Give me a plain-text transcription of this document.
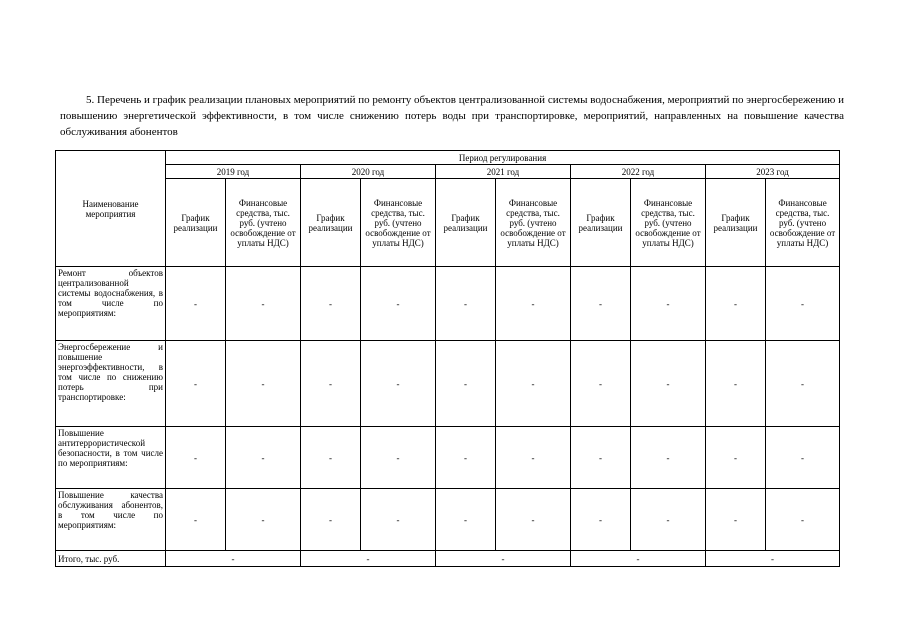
5. Перечень и график реализации плановых мероприятий по ремонту объектов централизованной системы водоснабжения, мероприятий по энергосбережению и повышению энергетической эффективности, в том числе снижению потерь воды при транспортировке, мероприятий, направленных на повышение качества обслуживания абонентов
Наименование мероприятия	Период регулирования									
	2019 год		2020 год		2021 год		2022 год		2023 год	
	График реализации	Финансовые средства, тыс. руб. (учтено освобождение от уплаты НДС)	График реализации	Финансовые средства, тыс. руб. (учтено освобождение от уплаты НДС)	График реализации	Финансовые средства, тыс. руб. (учтено освобождение от уплаты НДС)	График реализации	Финансовые средства, тыс. руб. (учтено освобождение от уплаты НДС)	График реализации	Финансовые средства, тыс. руб. (учтено освобождение от уплаты НДС)
Ремонт объектов централизованной системы водоснабжения, в том числе по мероприятиям:	-	-	-	-	-	-	-	-	-	-
Энергосбережение и повышение энергоэффективности, в том числе по снижению потерь при транспортировке:	-	-	-	-	-	-	-	-	-	-
Повышение антитеррористической безопасности, в том числе по мероприятиям:	-	-	-	-	-	-	-	-	-	-
Повышение качества обслуживания абонентов, в том числе по мероприятиям:	-	-	-	-	-	-	-	-	-	-
Итого, тыс. руб.	-		-		-		-		-	
